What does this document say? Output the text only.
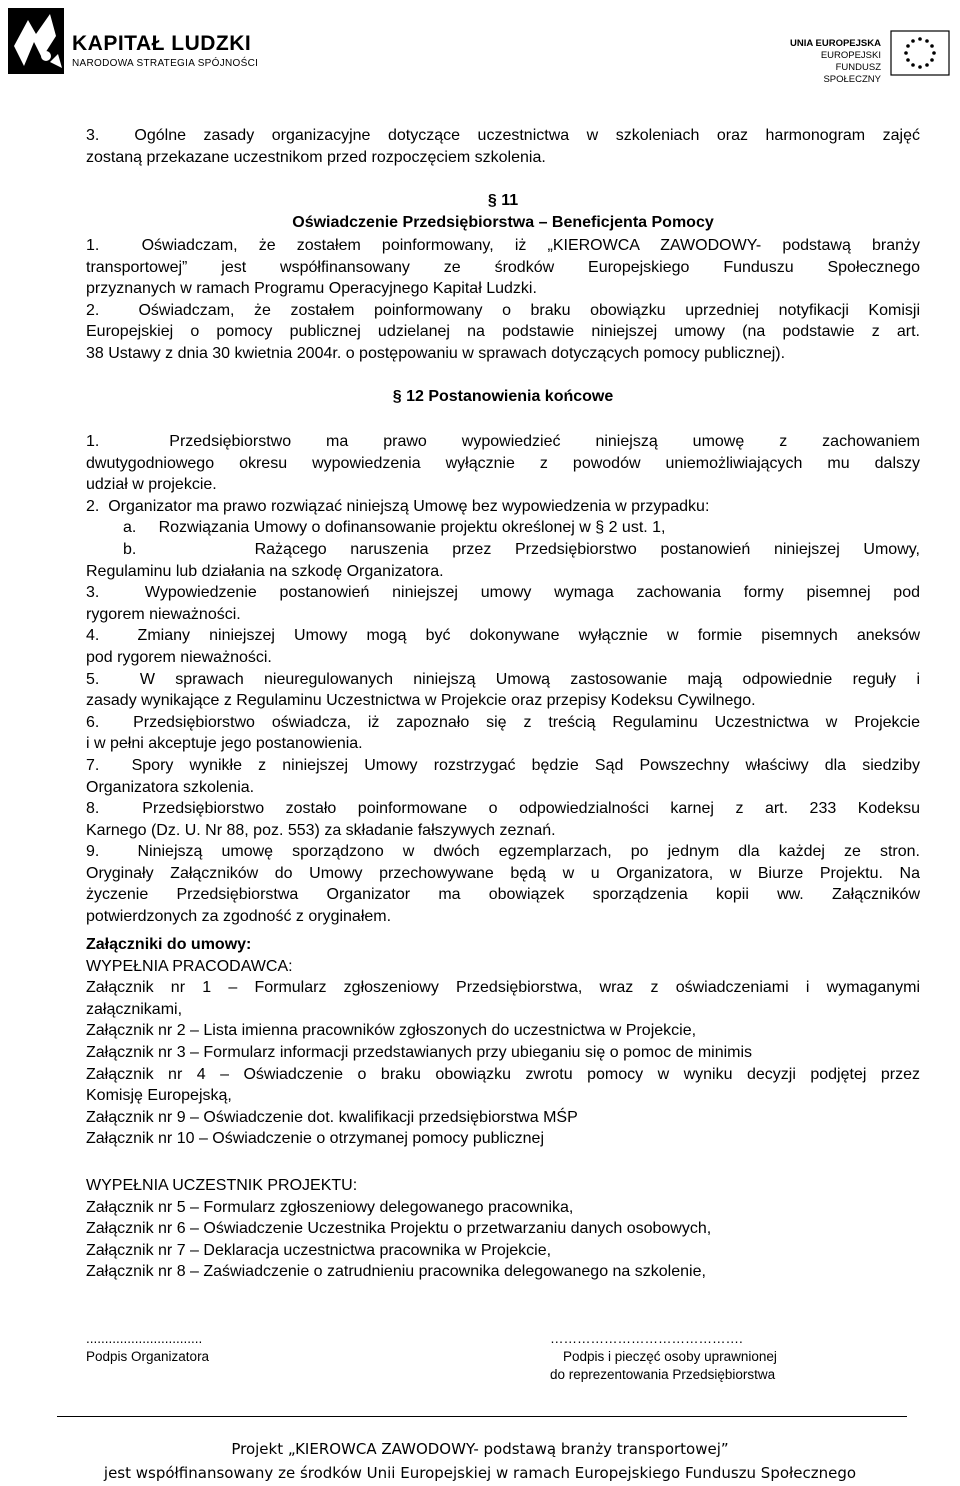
KAPITAŁ LUDZKI
NARODOWA STRATEGIA SPÓJNOŚCI
UNIA EUROPEJSKA
EUROPEJSKI
FUNDUSZ SPOŁECZNY
3.  Ogólne zasady organizacyjne dotyczące uczestnictwa w szkoleniach oraz harmonogram zajęć
zostaną przekazane uczestnikom przed rozpoczęciem szkolenia.
§ 11
Oświadczenie Przedsiębiorstwa – Beneficjenta Pomocy
1.  Oświadczam, że zostałem poinformowany, iż „KIEROWCA ZAWODOWY- podstawą branży
transportowej” jest współfinansowany ze środków Europejskiego Funduszu Społecznego
przyznanych w ramach Programu Operacyjnego Kapitał Ludzki.
2.  Oświadczam, że zostałem poinformowany o braku obowiązku uprzedniej notyfikacji Komisji
Europejskiej o pomocy publicznej udzielanej na podstawie niniejszej umowy (na podstawie z art.
38 Ustawy z dnia 30 kwietnia 2004r. o postępowaniu w sprawach dotyczących pomocy publicznej).
§ 12 Postanowienia końcowe
1.  Przedsiębiorstwo ma prawo wypowiedzieć niniejszą umowę z zachowaniem
dwutygodniowego okresu wypowiedzenia wyłącznie z powodów uniemożliwiających mu dalszy
udział w projekcie.
2.  Organizator ma prawo rozwiązać niniejszą Umowę bez wypowiedzenia w przypadku:
a.     Rozwiązania Umowy o dofinansowanie projektu określonej w § 2 ust. 1,
b.     Rażącego naruszenia przez Przedsiębiorstwo postanowień niniejszej Umowy,
Regulaminu lub działania na szkodę Organizatora.
3.  Wypowiedzenie postanowień niniejszej umowy wymaga zachowania formy pisemnej pod
rygorem nieważności.
4.  Zmiany niniejszej Umowy mogą być dokonywane wyłącznie w formie pisemnych aneksów
pod rygorem nieważności.
5.  W sprawach nieuregulowanych niniejszą Umową zastosowanie mają odpowiednie reguły i
zasady wynikające z Regulaminu Uczestnictwa w Projekcie oraz przepisy Kodeksu Cywilnego.
6.  Przedsiębiorstwo oświadcza, iż zapoznało się z treścią Regulaminu Uczestnictwa w Projekcie
i w pełni akceptuje jego postanowienia.
7.  Spory wynikłe z niniejszej Umowy rozstrzygać będzie Sąd Powszechny właściwy dla siedziby
Organizatora szkolenia.
8.  Przedsiębiorstwo zostało poinformowane o odpowiedzialności karnej z art. 233 Kodeksu
Karnego (Dz. U. Nr 88, poz. 553) za składanie fałszywych zeznań.
9.  Niniejszą umowę sporządzono w dwóch egzemplarzach, po jednym dla każdej ze stron.
Oryginały Załączników do Umowy przechowywane będą w u Organizatora, w Biurze Projektu. Na
życzenie Przedsiębiorstwa Organizator ma obowiązek sporządzenia kopii ww. Załączników
potwierdzonych za zgodność z oryginałem.
Załączniki do umowy:
WYPEŁNIA PRACODAWCA:
Załącznik nr 1 – Formularz zgłoszeniowy Przedsiębiorstwa, wraz z oświadczeniami i wymaganymi
załącznikami,
Załącznik nr 2 – Lista imienna pracowników zgłoszonych do uczestnictwa w Projekcie,
Załącznik nr 3 – Formularz informacji przedstawianych przy ubieganiu się o pomoc de minimis
Załącznik nr 4 – Oświadczenie o braku obowiązku zwrotu pomocy w wyniku decyzji podjętej przez
Komisję Europejską,
Załącznik nr 9 – Oświadczenie dot. kwalifikacji przedsiębiorstwa MŚP
Załącznik nr 10 – Oświadczenie o otrzymanej pomocy publicznej
WYPEŁNIA UCZESTNIK PROJEKTU:
Załącznik nr 5 – Formularz zgłoszeniowy delegowanego pracownika,
Załącznik nr 6 – Oświadczenie Uczestnika Projektu o przetwarzaniu danych osobowych,
Załącznik nr 7 – Deklaracja uczestnictwa pracownika w Projekcie,
Załącznik nr 8 – Zaświadczenie o zatrudnieniu pracownika delegowanego na szkolenie,
...............................
Podpis Organizatora
…………………………………….
Podpis i pieczęć osoby uprawnionej
do reprezentowania Przedsiębiorstwa
Projekt „KIEROWCA ZAWODOWY- podstawą branży transportowej”
jest współfinansowany ze środków Unii Europejskiej w ramach Europejskiego Funduszu Społecznego
